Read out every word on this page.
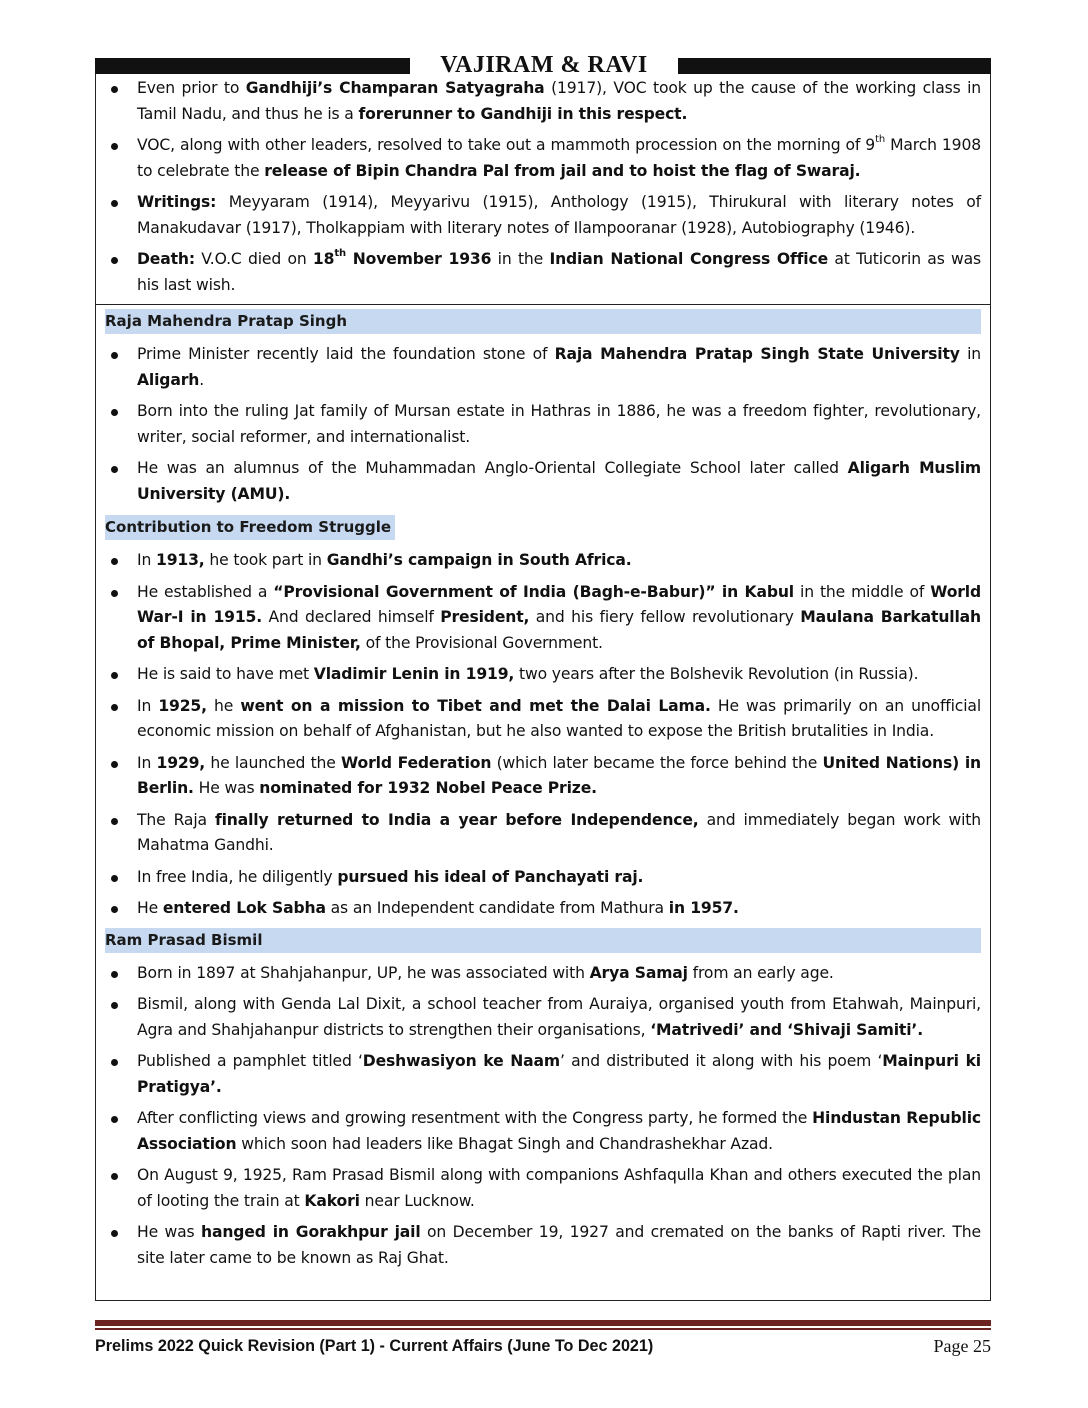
VAJIRAM & RAVI
Even prior to Gandhiji’s Champaran Satyagraha (1917), VOC took up the cause of the working class in Tamil Nadu, and thus he is a forerunner to Gandhiji in this respect.
VOC, along with other leaders, resolved to take out a mammoth procession on the morning of 9th March 1908 to celebrate the release of Bipin Chandra Pal from jail and to hoist the flag of Swaraj.
Writings: Meyyaram (1914), Meyyarivu (1915), Anthology (1915), Thirukural with literary notes of Manakudavar (1917), Tholkappiam with literary notes of Ilampooranar (1928), Autobiography (1946).
Death: V.O.C died on 18th November 1936 in the Indian National Congress Office at Tuticorin as was his last wish.
Raja Mahendra Pratap Singh
Prime Minister recently laid the foundation stone of Raja Mahendra Pratap Singh State University in Aligarh.
Born into the ruling Jat family of Mursan estate in Hathras in 1886, he was a freedom fighter, revolutionary, writer, social reformer, and internationalist.
He was an alumnus of the Muhammadan Anglo-Oriental Collegiate School later called Aligarh Muslim University (AMU).
Contribution to Freedom Struggle
In 1913, he took part in Gandhi’s campaign in South Africa.
He established a “Provisional Government of India (Bagh-e-Babur)” in Kabul in the middle of World War-I in 1915. And declared himself President, and his fiery fellow revolutionary Maulana Barkatullah of Bhopal, Prime Minister, of the Provisional Government.
He is said to have met Vladimir Lenin in 1919, two years after the Bolshevik Revolution (in Russia).
In 1925, he went on a mission to Tibet and met the Dalai Lama. He was primarily on an unofficial economic mission on behalf of Afghanistan, but he also wanted to expose the British brutalities in India.
In 1929, he launched the World Federation (which later became the force behind the United Nations) in Berlin. He was nominated for 1932 Nobel Peace Prize.
The Raja finally returned to India a year before Independence, and immediately began work with Mahatma Gandhi.
In free India, he diligently pursued his ideal of Panchayati raj.
He entered Lok Sabha as an Independent candidate from Mathura in 1957.
Ram Prasad Bismil
Born in 1897 at Shahjahanpur, UP, he was associated with Arya Samaj from an early age.
Bismil, along with Genda Lal Dixit, a school teacher from Auraiya, organised youth from Etahwah, Mainpuri, Agra and Shahjahanpur districts to strengthen their organisations, ‘Matrivedi’ and ‘Shivaji Samiti’.
Published a pamphlet titled ‘Deshwasiyon ke Naam’ and distributed it along with his poem ‘Mainpuri ki Pratigya’.
After conflicting views and growing resentment with the Congress party, he formed the Hindustan Republic Association which soon had leaders like Bhagat Singh and Chandrashekhar Azad.
On August 9, 1925, Ram Prasad Bismil along with companions Ashfaqulla Khan and others executed the plan of looting the train at Kakori near Lucknow.
He was hanged in Gorakhpur jail on December 19, 1927 and cremated on the banks of Rapti river. The site later came to be known as Raj Ghat.
Prelims 2022 Quick Revision (Part 1) - Current Affairs (June To Dec 2021)	Page 25
